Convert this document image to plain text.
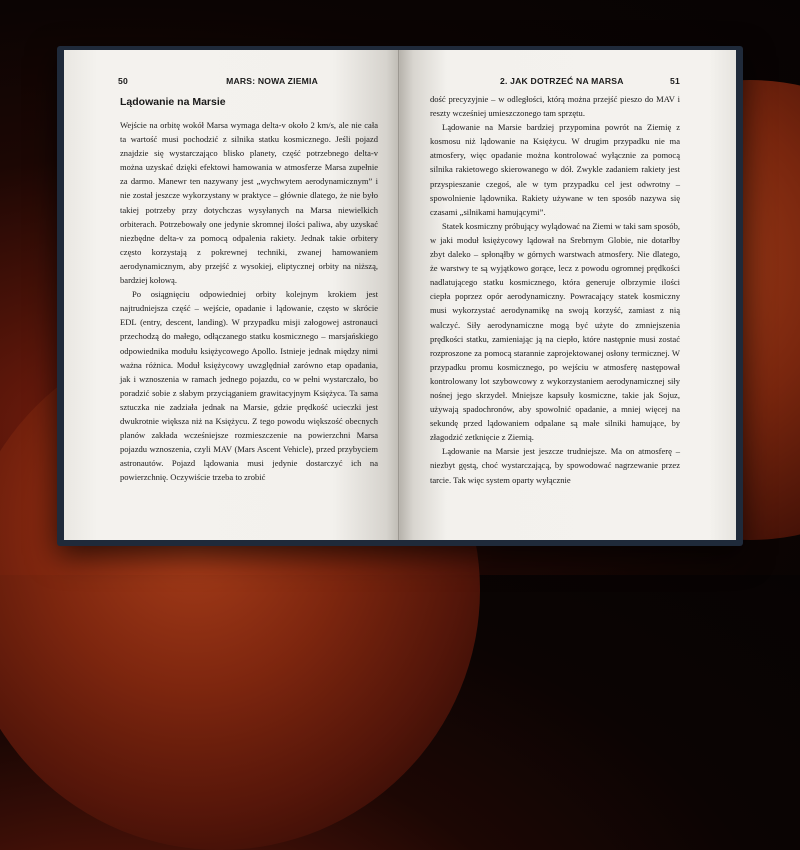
50	MARS: NOWA ZIEMIA
Lądowanie na Marsie

Wejście na orbitę wokół Marsa wymaga delta-v około 2 km/s, ale nie cała ta wartość musi pochodzić z silnika statku kosmicznego. Jeśli pojazd znajdzie się wystarczająco blisko planety, część potrzebnego delta-v można uzyskać dzięki efektowi hamowania w atmosferze Marsa zupełnie za darmo. Manewr ten nazywany jest „wychwytem aerodynamicznym” i nie został jeszcze wykorzystany w praktyce – głównie dlatego, że nie było takiej potrzeby przy dotychczas wysyłanych na Marsa niewielkich orbiterach. Potrzebowały one jedynie skromnej ilości paliwa, aby uzyskać niezbędne delta-v za pomocą odpalenia rakiety. Jednak takie orbitery często korzystają z pokrewnej techniki, zwanej hamowaniem aerodynamicznym, aby przejść z wysokiej, eliptycznej orbity na niższą, bardziej kołową.

Po osiągnięciu odpowiedniej orbity kolejnym krokiem jest najtrudniejsza część – wejście, opadanie i lądowanie, często w skrócie EDL (entry, descent, landing). W przypadku misji załogowej astronauci przechodzą do małego, odłączanego statku kosmicznego – marsjańskiego odpowiednika modułu księżycowego Apollo. Istnieje jednak między nimi ważna różnica. Moduł księżycowy uwzględniał zarówno etap opadania, jak i wznoszenia w ramach jednego pojazdu, co w pełni wystarczało, bo poradzić sobie z słabym przyciąganiem grawitacyjnym Księżyca. Ta sama sztuczka nie zadziała jednak na Marsie, gdzie prędkość ucieczki jest dwukrotnie większa niż na Księżycu. Z tego powodu większość obecnych planów zakłada wcześniejsze rozmieszczenie na powierzchni Marsa pojazdu wznoszenia, czyli MAV (Mars Ascent Vehicle), przed przybyciem astronautów. Pojazd lądowania musi jedynie dostarczyć ich na powierzchnię. Oczywiście trzeba to zrobić

2. JAK DOTRZEĆ NA MARSA	51

dość precyzyjnie – w odległości, którą można przejść pieszo do MAV i reszty wcześniej umieszczonego tam sprzętu.

Lądowanie na Marsie bardziej przypomina powrót na Ziemię z kosmosu niż lądowanie na Księżycu. W drugim przypadku nie ma atmosfery, więc opadanie można kontrolować wyłącznie za pomocą silnika rakietowego skierowanego w dół. Zwykle zadaniem rakiety jest przyspieszanie czegoś, ale w tym przypadku cel jest odwrotny – spowolnienie lądownika. Rakiety używane w ten sposób nazywa się czasami „silnikami hamującymi”.

Statek kosmiczny próbujący wylądować na Ziemi w taki sam sposób, w jaki moduł księżycowy lądował na Srebrnym Globie, nie dotarłby zbyt daleko – spłonąłby w górnych warstwach atmosfery. Nie dlatego, że warstwy te są wyjątkowo gorące, lecz z powodu ogromnej prędkości nadlatującego statku kosmicznego, która generuje olbrzymie ilości ciepła poprzez opór aerodynamiczny. Powracający statek kosmiczny musi wykorzystać aerodynamikę na swoją korzyść, zamiast z nią walczyć. Siły aerodynamiczne mogą być użyte do zmniejszenia prędkości statku, zamieniając ją na ciepło, które następnie musi zostać rozproszone za pomocą starannie zaprojektowanej osłony termicznej. W przypadku promu kosmicznego, po wejściu w atmosferę następował kontrolowany lot szybowcowy z wykorzystaniem aerodynamicznej siły nośnej jego skrzydeł. Mniejsze kapsuły kosmiczne, takie jak Sojuz, używają spadochronów, aby spowolnić opadanie, a mniej więcej na sekundę przed lądowaniem odpalane są małe silniki hamujące, by złagodzić zetknięcie z Ziemią.

Lądowanie na Marsie jest jeszcze trudniejsze. Ma on atmosferę – niezbyt gęstą, choć wystarczającą, by spowodować nagrzewanie przez tarcie. Tak więc system oparty wyłącznie
